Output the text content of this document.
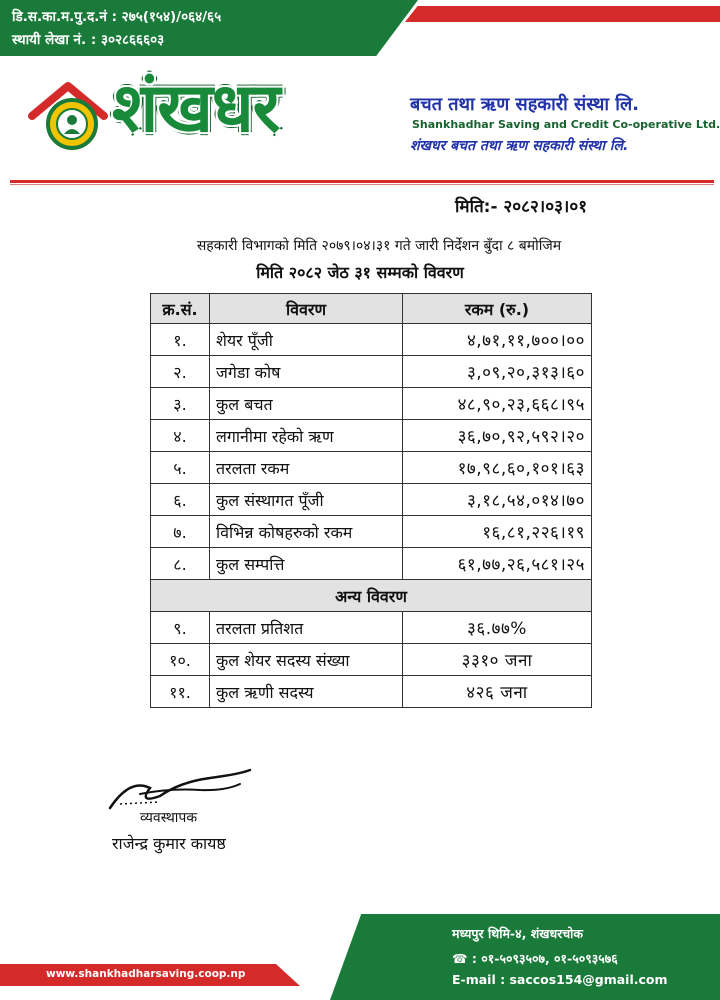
डि.स.का.म.पु.द.नं : २७५(१५४)/०६४/६५
स्थायी लेखा नं. : ३०२८६६६०३
शंखधर	बचत तथा ऋण सहकारी संस्था लि.
Shankhadhar Saving and Credit Co-operative Ltd.
शंखधर बचत तथा ऋण सहकारी संस्था लि.
मिति:- २०८२।०३।०१
सहकारी विभागको मिति २०७९।०४।३१ गते जारी निर्देशन बुँदा ८ बमोजिम
मिति २०८२ जेठ ३१ सम्मको विवरण
क्र.सं.	विवरण	रकम (रु.)
१.	शेयर पूँजी	४,७१,११,७००।००
२.	जगेडा कोष	३,०९,२०,३१३।६०
३.	कुल बचत	४८,९०,२३,६६८।९५
४.	लगानीमा रहेको ऋण	३६,७०,९२,५९२।२०
५.	तरलता रकम	१७,९८,६०,१०१।६३
६.	कुल संस्थागत पूँजी	३,१८,५४,०१४।७०
७.	विभिन्न कोषहरुको रकम	१६,८१,२२६।१९
८.	कुल सम्पत्ति	६१,७७,२६,५८१।२५
अन्य विवरण		
९.	तरलता प्रतिशत	३६.७७%
१०.	कुल शेयर सदस्य संख्या	३३१० जना
११.	कुल ऋणी सदस्य	४२६ जना
व्यवस्थापक
राजेन्द्र कुमार कायष्ठ
www.shankhadharsaving.coop.np
मध्यपुर थिमि-४, शंखधरचोक
☎ : ०१-५०९३५०७, ०१-५०९३५७६
E-mail : saccos154@gmail.com
